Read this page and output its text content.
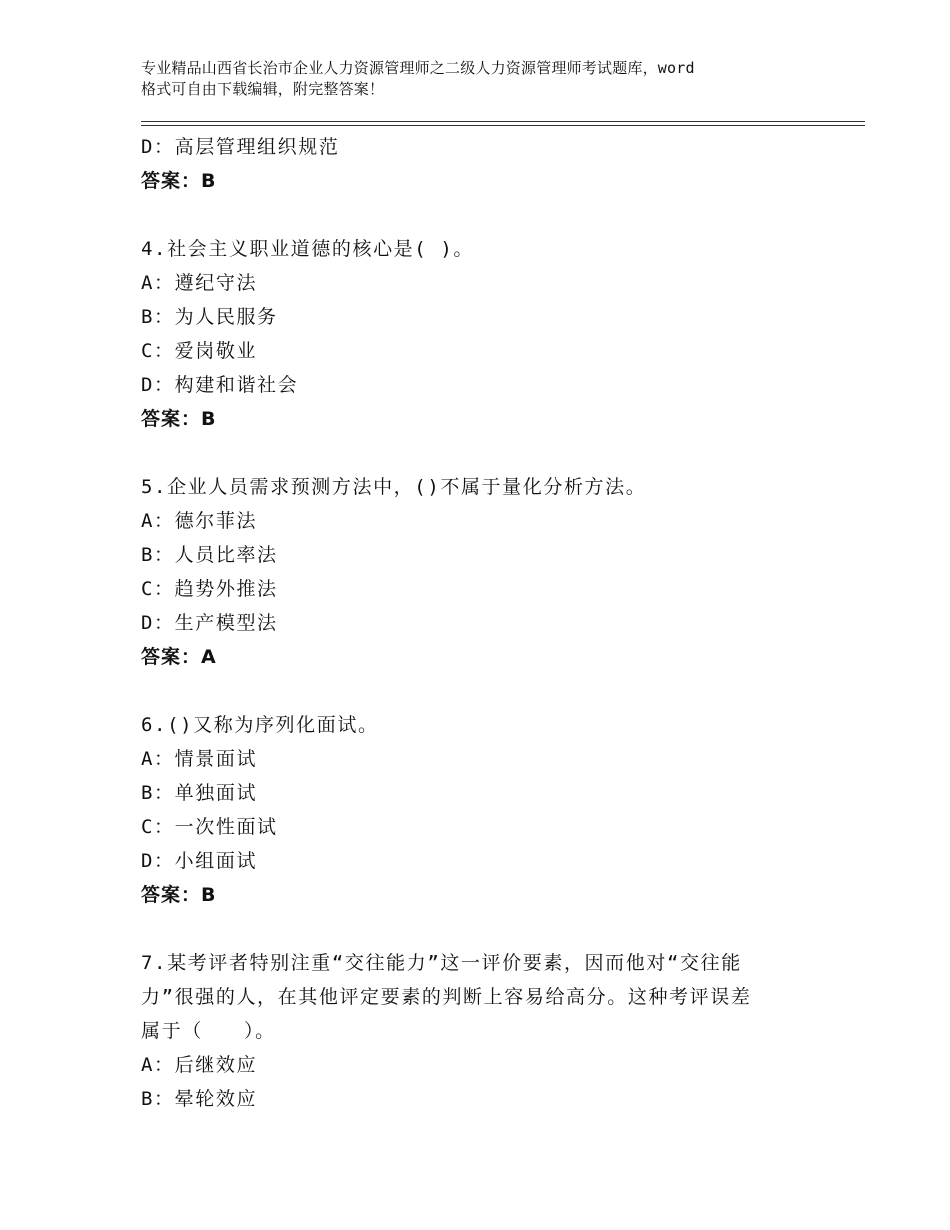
专业精品山西省长治市企业人力资源管理师之二级人力资源管理师考试题库，word
格式可自由下载编辑，附完整答案！
D：高层管理组织规范
答案：B
4.社会主义职业道德的核心是( )。
A：遵纪守法
B：为人民服务
C：爱岗敬业
D：构建和谐社会
答案：B
5.企业人员需求预测方法中，()不属于量化分析方法。
A：德尔菲法
B：人员比率法
C：趋势外推法
D：生产模型法
答案：A
6.()又称为序列化面试。
A：情景面试
B：单独面试
C：一次性面试
D：小组面试
答案：B
7.某考评者特别注重“交往能力”这一评价要素，因而他对“交往能
力”很强的人，在其他评定要素的判断上容易给高分。这种考评误差
属于（　　）。
A：后继效应
B：晕轮效应
